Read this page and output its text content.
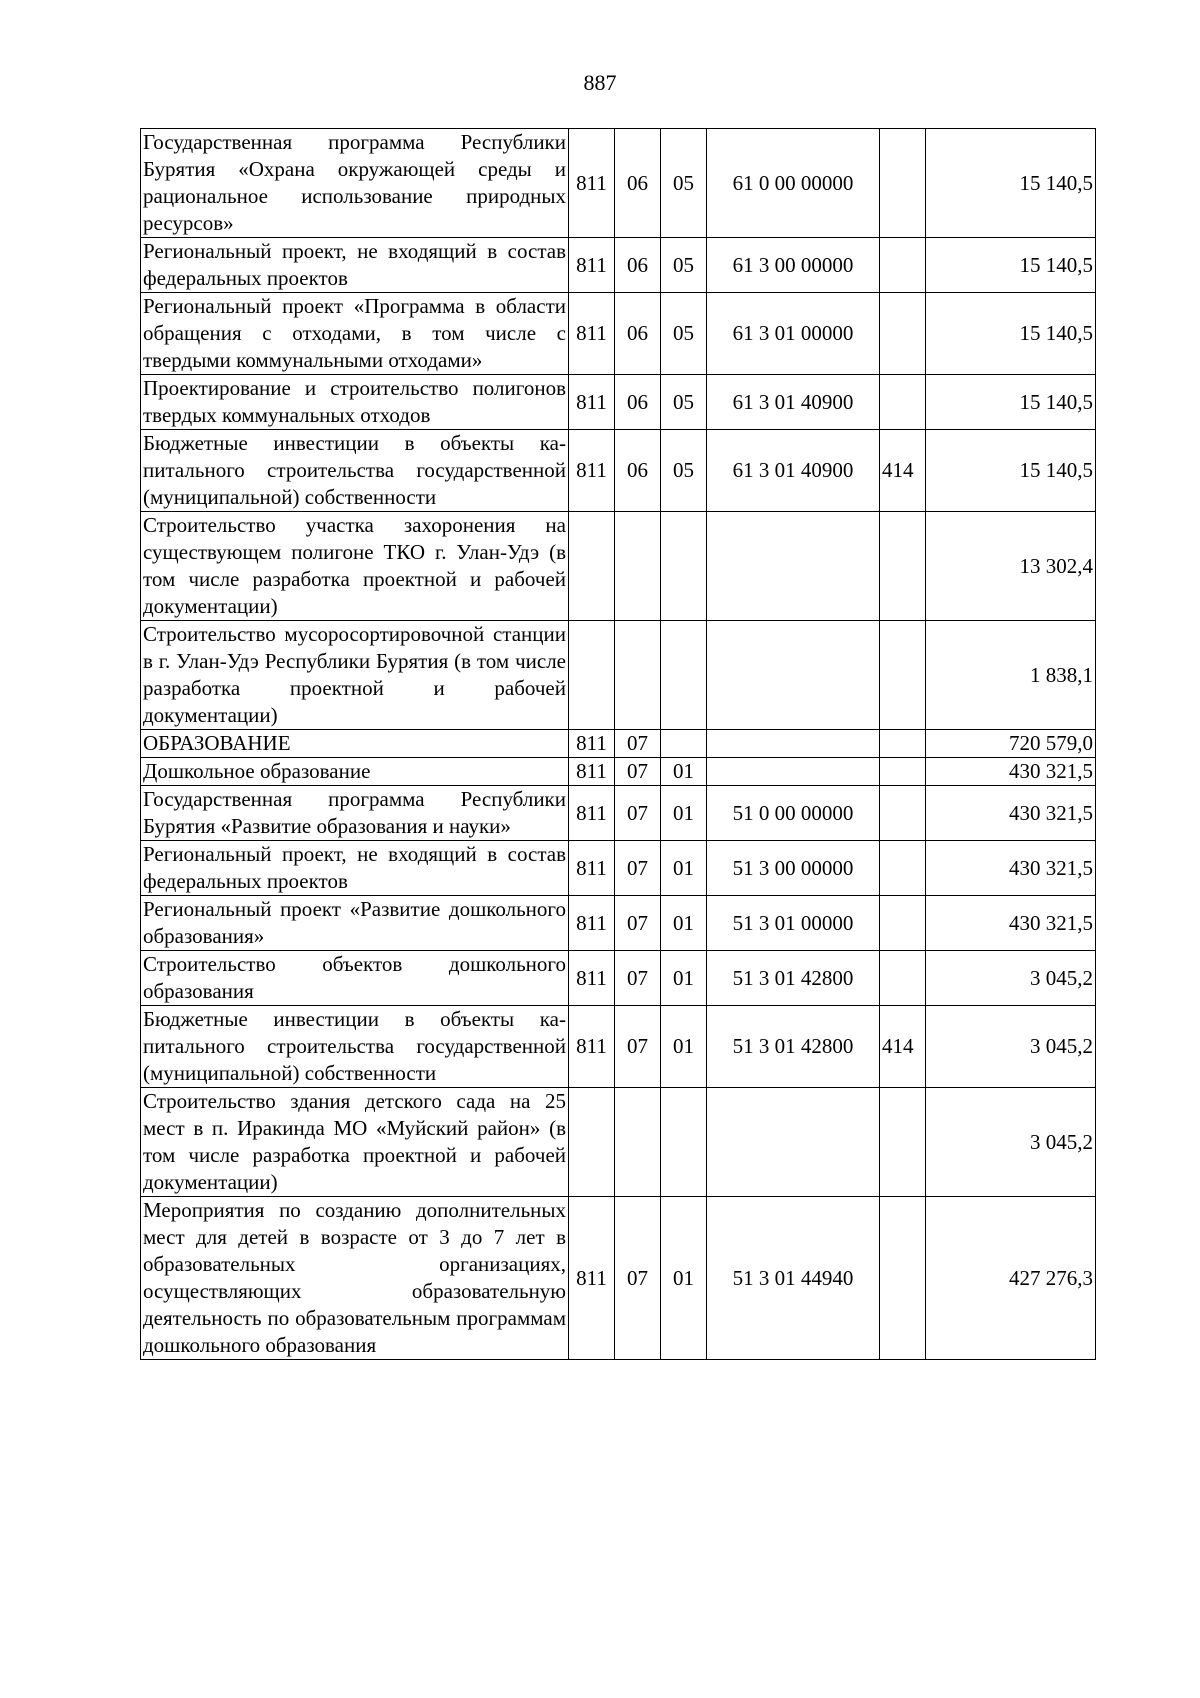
887
Государственная программа Республики Бурятия «Охрана окружающей среды и рациональное использование природных ресурсов»	811	06	05	61 0 00 00000		15 140,5
Региональный проект, не входящий в состав федеральных проектов	811	06	05	61 3 00 00000		15 140,5
Региональный проект «Программа в области обращения с отходами, в том числе с твердыми коммунальными отходами»	811	06	05	61 3 01 00000		15 140,5
Проектирование и строительство полигонов твердых коммунальных отходов	811	06	05	61 3 01 40900		15 140,5
Бюджетные инвестиции в объекты капитального строительства государственной (муниципальной) собственности	811	06	05	61 3 01 40900	414	15 140,5
Строительство участка захоронения на существующем полигоне ТКО г. Улан-Удэ (в том числе разработка проектной и рабочей документации)						13 302,4
Строительство мусоросортировочной станции в г. Улан-Удэ Республики Бурятия (в том числе разработка проектной и рабочей документации)						1 838,1
ОБРАЗОВАНИЕ	811	07				720 579,0
Дошкольное образование	811	07	01			430 321,5
Государственная программа Республики Бурятия «Развитие образования и науки»	811	07	01	51 0 00 00000		430 321,5
Региональный проект, не входящий в состав федеральных проектов	811	07	01	51 3 00 00000		430 321,5
Региональный проект «Развитие дошкольного образования»	811	07	01	51 3 01 00000		430 321,5
Строительство объектов дошкольного образования	811	07	01	51 3 01 42800		3 045,2
Бюджетные инвестиции в объекты капитального строительства государственной (муниципальной) собственности	811	07	01	51 3 01 42800	414	3 045,2
Строительство здания детского сада на 25 мест в п. Иракинда МО «Муйский район» (в том числе разработка проектной и рабочей документации)						3 045,2
Мероприятия по созданию дополнительных мест для детей в возрасте от 3 до 7 лет в образовательных организациях, осуществляющих образовательную деятельность по образовательным программам дошкольного образования	811	07	01	51 3 01 44940		427 276,3
